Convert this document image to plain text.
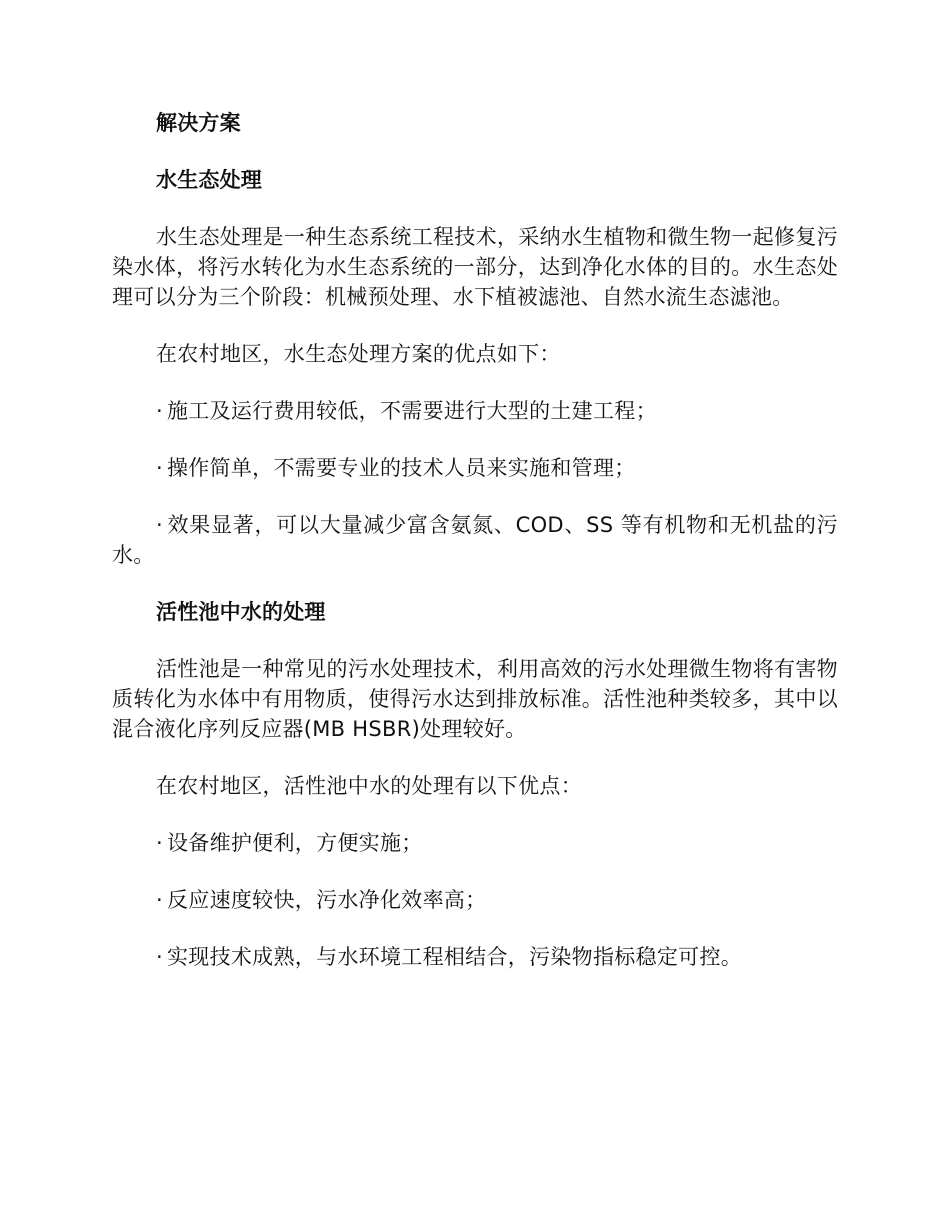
解决方案
水生态处理
水生态处理是一种生态系统工程技术，采纳水生植物和微生物一起修复污染水体，将污水转化为水生态系统的一部分，达到净化水体的目的。水生态处理可以分为三个阶段：机械预处理、水下植被滤池、自然水流生态滤池。
在农村地区，水生态处理方案的优点如下：
· 施工及运行费用较低，不需要进行大型的土建工程；
· 操作简单，不需要专业的技术人员来实施和管理；
· 效果显著，可以大量减少富含氨氮、COD、SS 等有机物和无机盐的污水。
活性池中水的处理
活性池是一种常见的污水处理技术，利用高效的污水处理微生物将有害物质转化为水体中有用物质，使得污水达到排放标准。活性池种类较多，其中以混合液化序列反应器(MB HSBR)处理较好。
在农村地区，活性池中水的处理有以下优点：
· 设备维护便利，方便实施；
· 反应速度较快，污水净化效率高；
· 实现技术成熟，与水环境工程相结合，污染物指标稳定可控。
